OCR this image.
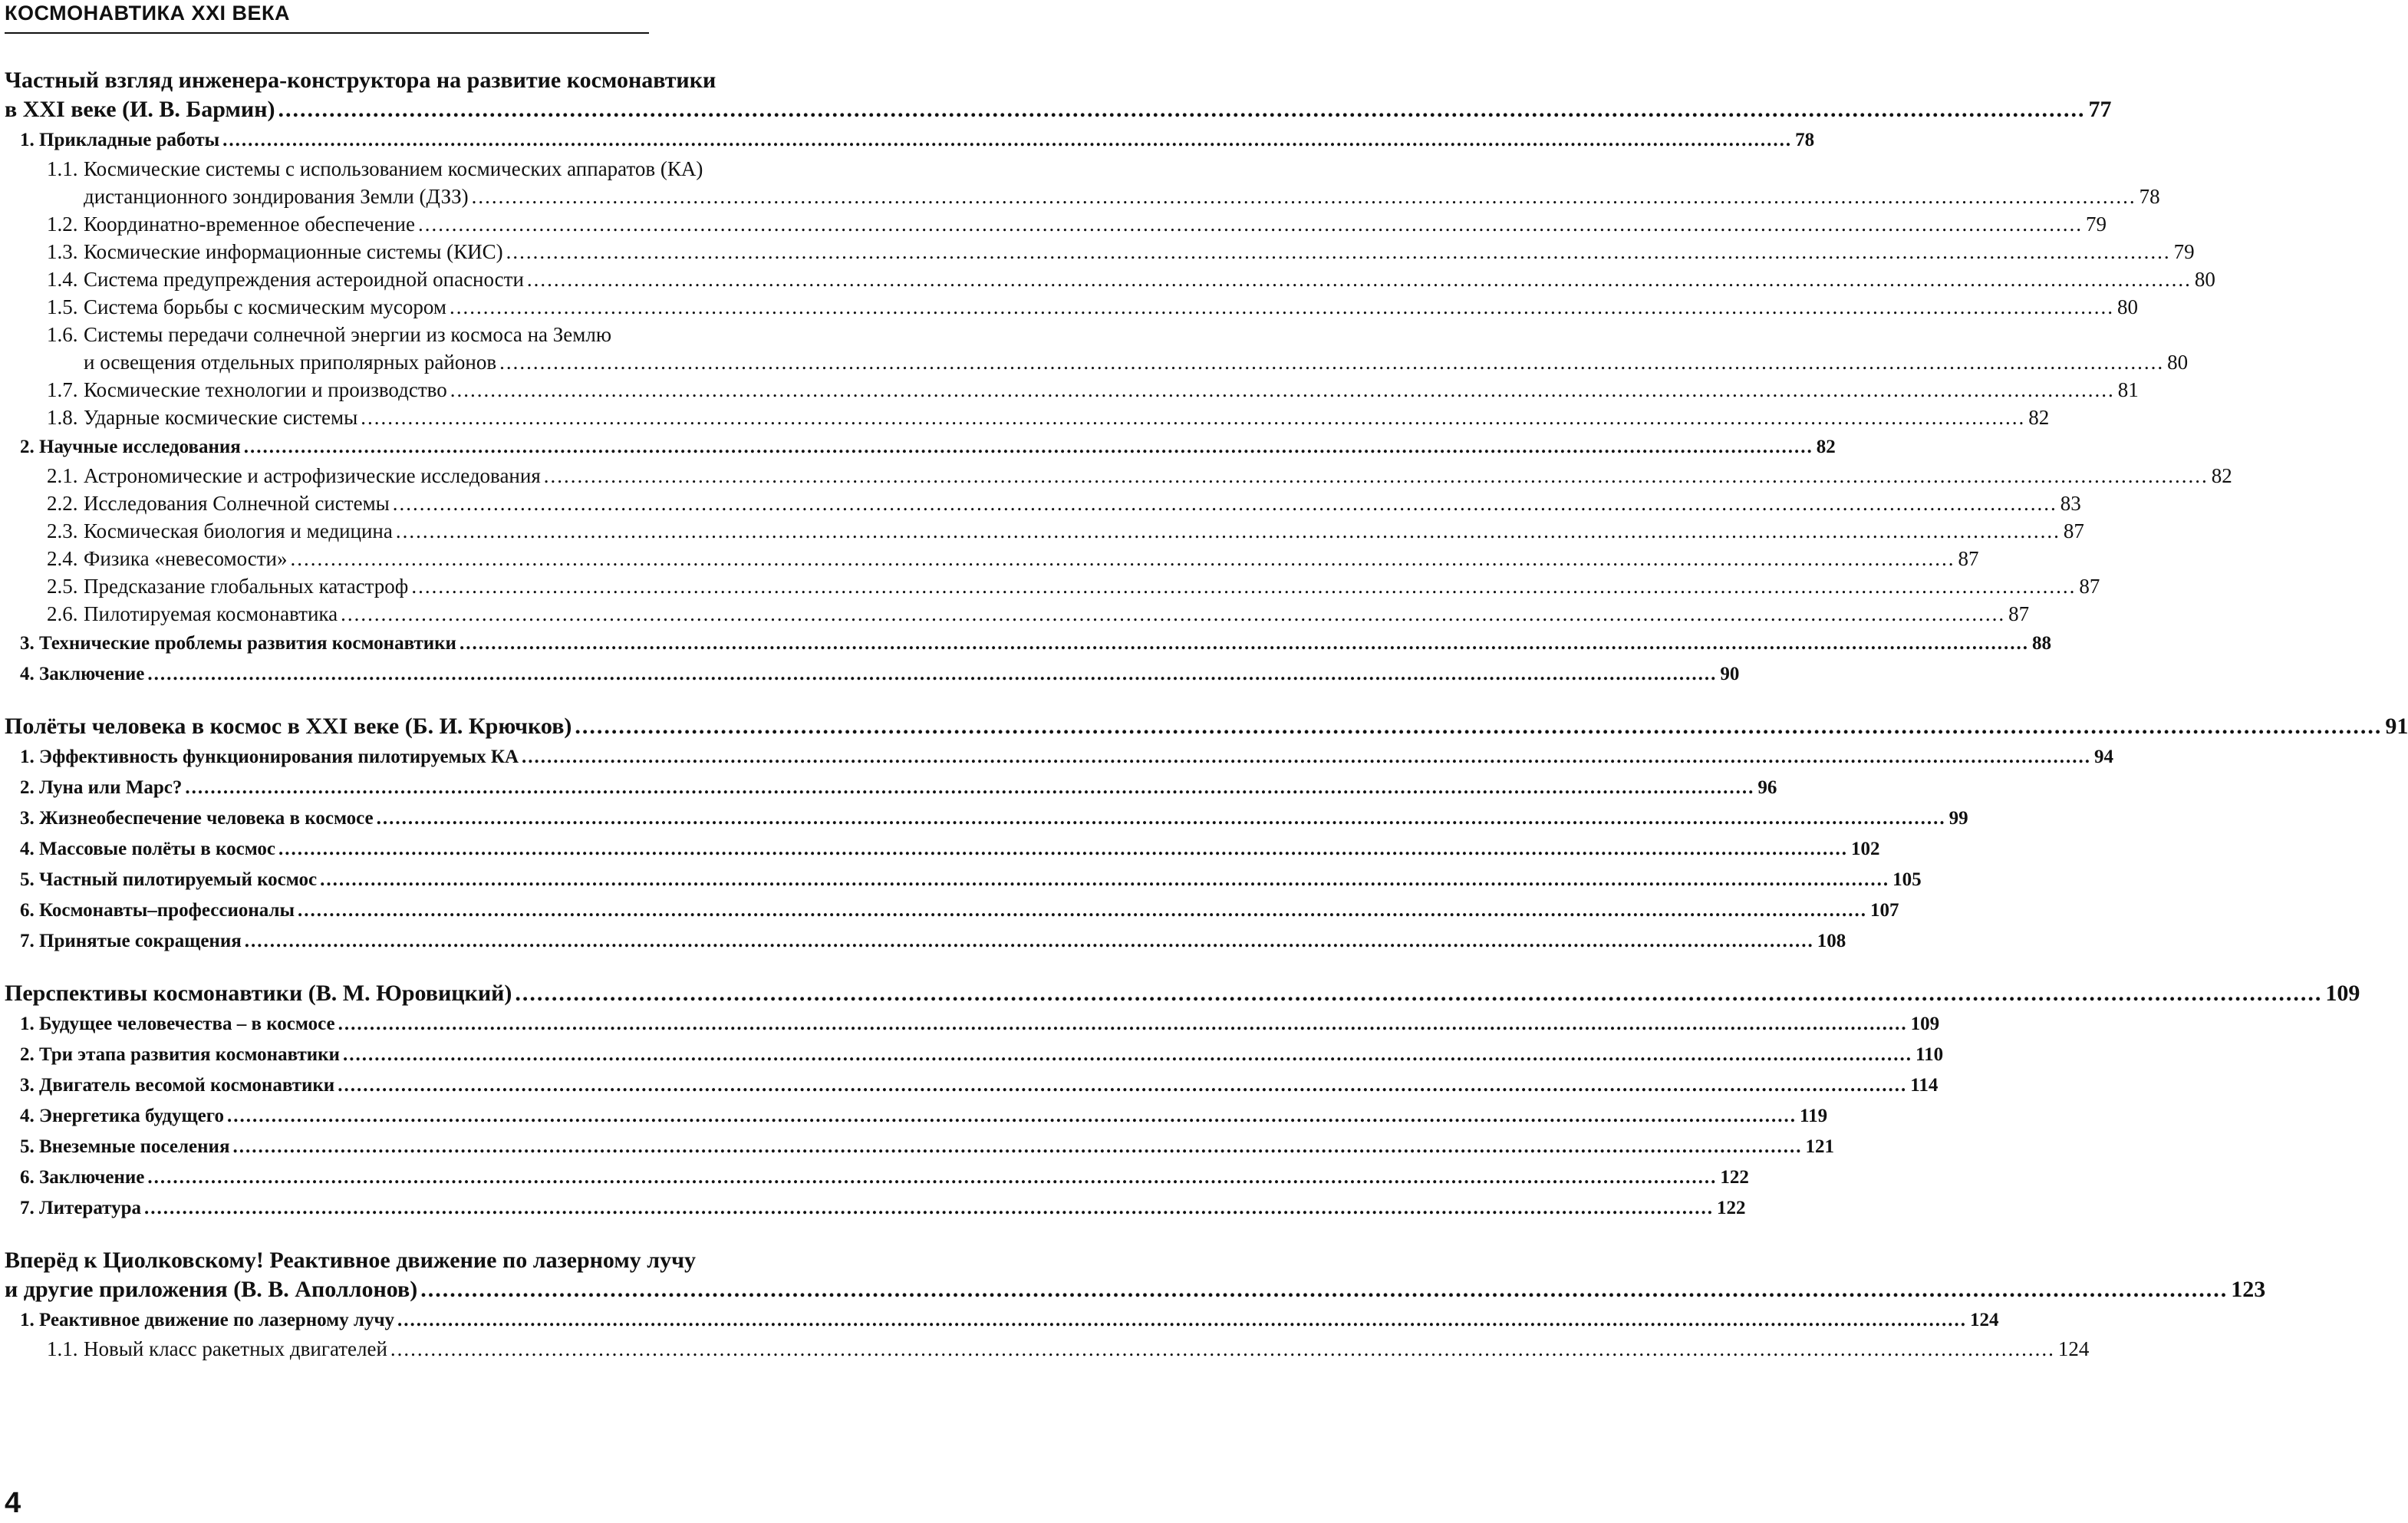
КОСМОНАВТИКА XXI ВЕКА
Частный взгляд инженера-конструктора на развитие космонавтики
в XXI веке (И. В. Бармин) .....	77
1. Прикладные работы .....	78
1.1. Космические системы с использованием космических аппаратов (КА)
дистанционного зондирования Земли (ДЗЗ) .....	78
1.2. Координатно-временное обеспечение .....	79
1.3. Космические информационные системы (КИС) .....	79
1.4. Система предупреждения астероидной опасности .....	80
1.5. Система борьбы с космическим мусором .....	80
1.6. Системы передачи солнечной энергии из космоса на Землю
и освещения отдельных приполярных районов .....	80
1.7. Космические технологии и производство .....	81
1.8. Ударные космические системы .....	82
2. Научные исследования .....	82
2.1. Астрономические и астрофизические исследования .....	82
2.2. Исследования Солнечной системы .....	83
2.3. Космическая биология и медицина .....	87
2.4. Физика «невесомости» .....	87
2.5. Предсказание глобальных катастроф .....	87
2.6. Пилотируемая космонавтика .....	87
3. Технические проблемы развития космонавтики .....	88
4. Заключение .....	90
Полёты человека в космос в XXI веке (Б. И. Крючков) .....	91
1. Эффективность функционирования пилотируемых КА .....	94
2. Луна или Марс? .....	96
3. Жизнеобеспечение человека в космосе .....	99
4. Массовые полёты в космос .....	102
5. Частный пилотируемый космос .....	105
6. Космонавты–профессионалы .....	107
7. Принятые сокращения .....	108
Перспективы космонавтики (В. М. Юровицкий) .....	109
1. Будущее человечества – в космосе .....	109
2. Три этапа развития космонавтики .....	110
3. Двигатель весомой космонавтики .....	114
4. Энергетика будущего .....	119
5. Внеземные поселения .....	121
6. Заключение .....	122
7. Литература .....	122
Вперёд к Циолковскому! Реактивное движение по лазерному лучу
и другие приложения (В. В. Аполлонов) .....	123
1. Реактивное движение по лазерному лучу .....	124
1.1. Новый класс ракетных двигателей .....	124
4
